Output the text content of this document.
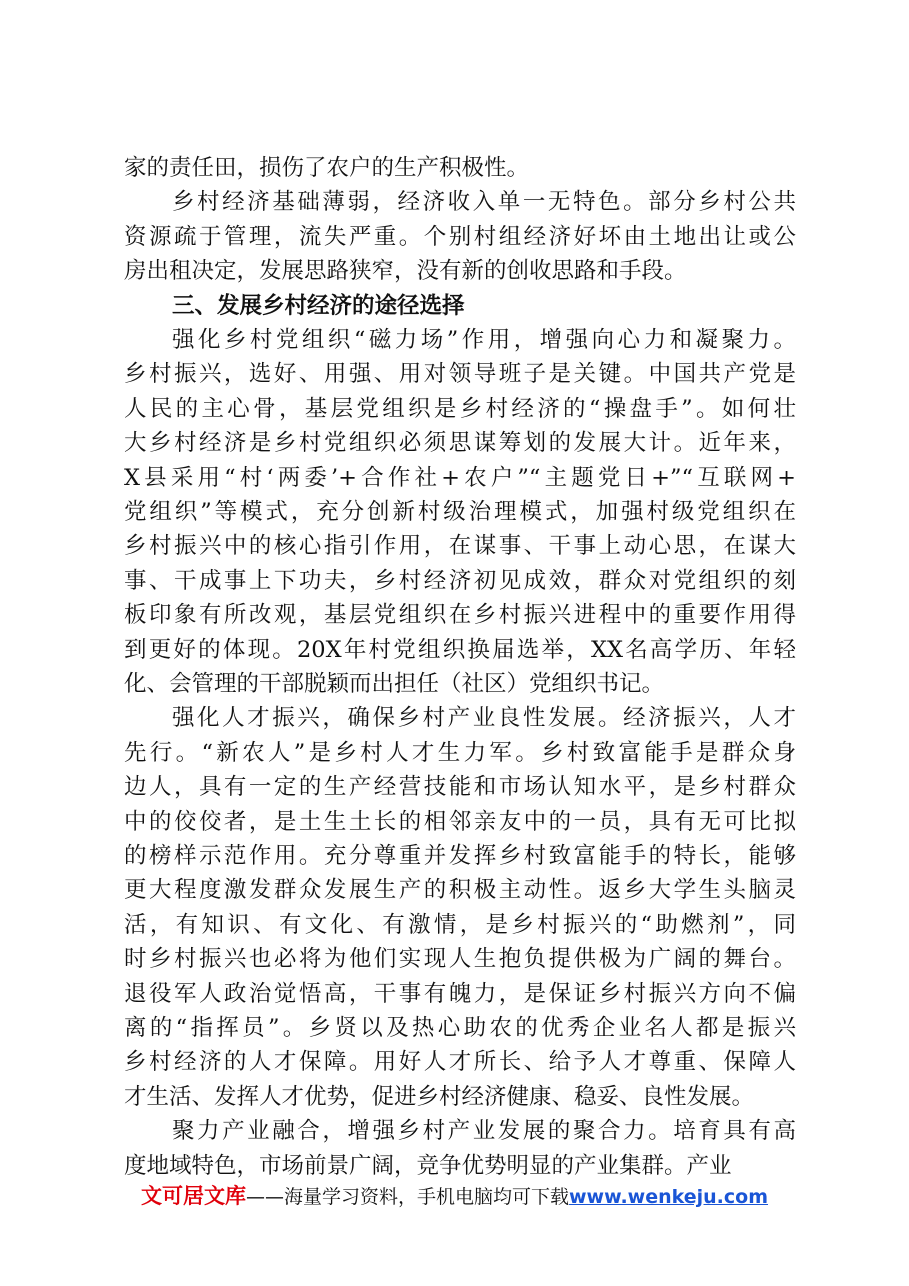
家的责任田，损伤了农户的生产积极性。
乡村经济基础薄弱，经济收入单一无特色。部分乡村公共
资源疏于管理，流失严重。个别村组经济好坏由土地出让或公
房出租决定，发展思路狭窄，没有新的创收思路和手段。
三、发展乡村经济的途径选择
强化乡村党组织“磁力场”作用，增强向心力和凝聚力。
乡村振兴，选好、用强、用对领导班子是关键。中国共产党是
人民的主心骨，基层党组织是乡村经济的“操盘手”。如何壮
大乡村经济是乡村党组织必须思谋筹划的发展大计。近年来，
X县采用“村‘两委’+合作社+农户”“主题党日+”“互联网+
党组织”等模式，充分创新村级治理模式，加强村级党组织在
乡村振兴中的核心指引作用，在谋事、干事上动心思，在谋大
事、干成事上下功夫，乡村经济初见成效，群众对党组织的刻
板印象有所改观，基层党组织在乡村振兴进程中的重要作用得
到更好的体现。20X年村党组织换届选举，XX名高学历、年轻
化、会管理的干部脱颖而出担任（社区）党组织书记。
强化人才振兴，确保乡村产业良性发展。经济振兴，人才
先行。“新农人”是乡村人才生力军。乡村致富能手是群众身
边人，具有一定的生产经营技能和市场认知水平，是乡村群众
中的佼佼者，是土生土长的相邻亲友中的一员，具有无可比拟
的榜样示范作用。充分尊重并发挥乡村致富能手的特长，能够
更大程度激发群众发展生产的积极主动性。返乡大学生头脑灵
活，有知识、有文化、有激情，是乡村振兴的“助燃剂”，同
时乡村振兴也必将为他们实现人生抱负提供极为广阔的舞台。
退役军人政治觉悟高，干事有魄力，是保证乡村振兴方向不偏
离的“指挥员”。乡贤以及热心助农的优秀企业名人都是振兴
乡村经济的人才保障。用好人才所长、给予人才尊重、保障人
才生活、发挥人才优势，促进乡村经济健康、稳妥、良性发展。
聚力产业融合，增强乡村产业发展的聚合力。培育具有高
度地域特色，市场前景广阔，竞争优势明显的产业集群。产业
文可居文库——海量学习资料，手机电脑均可下载www.wenkeju.com
